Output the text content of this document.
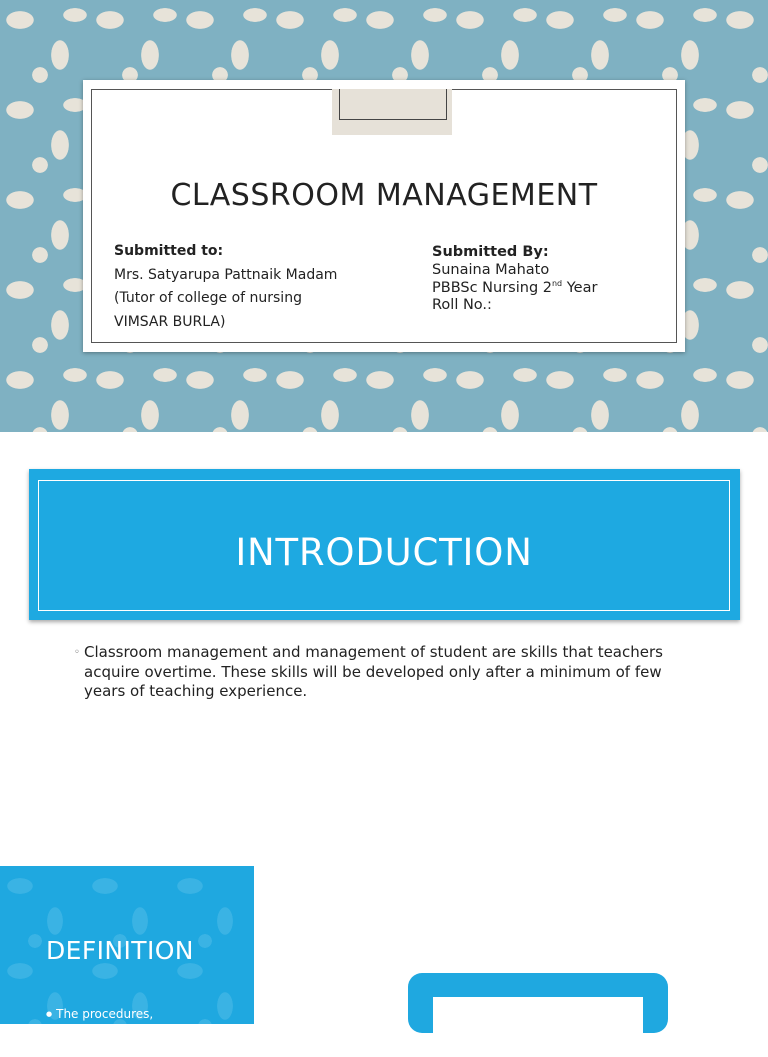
CLASSROOM MANAGEMENT
Submitted to:
Mrs. Satyarupa Pattnaik Madam
(Tutor of college of nursing
VIMSAR BURLA)
Submitted By:
Sunaina Mahato
PBBSc Nursing 2nd Year
Roll No.:
INTRODUCTION
◦ Classroom management and management of student are skills that teachers acquire overtime. These skills will be developed only after a minimum of few years of teaching experience.
DEFINITION
● The procedures,
